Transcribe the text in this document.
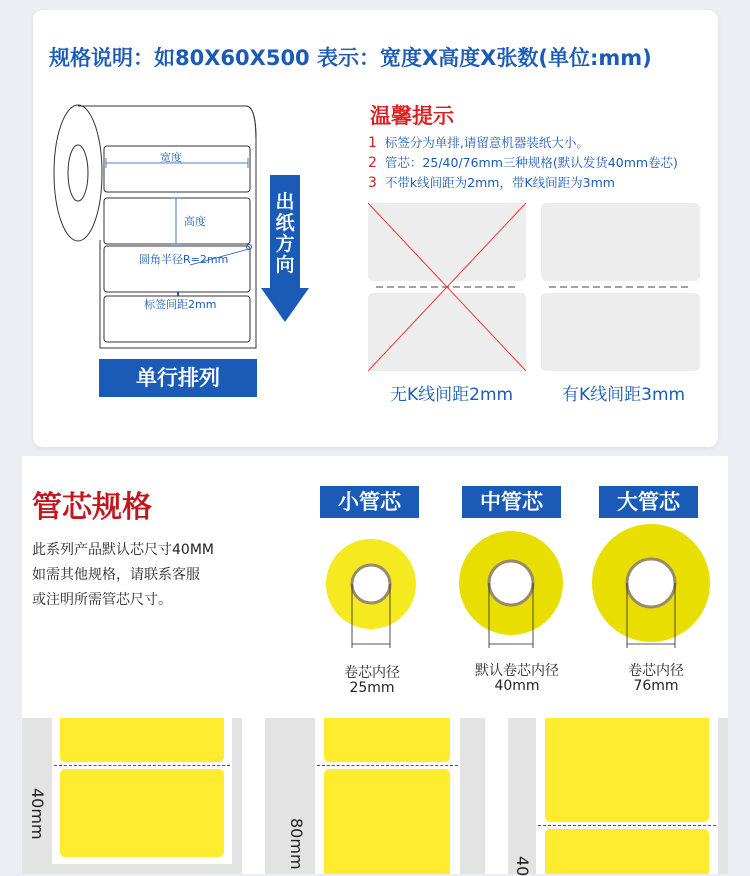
规格说明：如80X60X500 表示：宽度X高度X张数(单位:mm)
宽度
高度
圆角半径R=2mm
标签间距2mm
出纸方向
单行排列
温馨提示
1 标签分为单排,请留意机器装纸大小。
2 管芯：25/40/76mm三种规格(默认发货40mm卷芯)
3 不带k线间距为2mm，带K线间距为3mm
无K线间距2mm	有K线间距3mm
管芯规格
此系列产品默认芯尺寸40MM
如需其他规格，请联系客服
或注明所需管芯尺寸。
小管芯	中管芯	大管芯
卷芯内径
25mm
默认卷芯内径
40mm
卷芯内径
76mm
40mm
80mm	40
